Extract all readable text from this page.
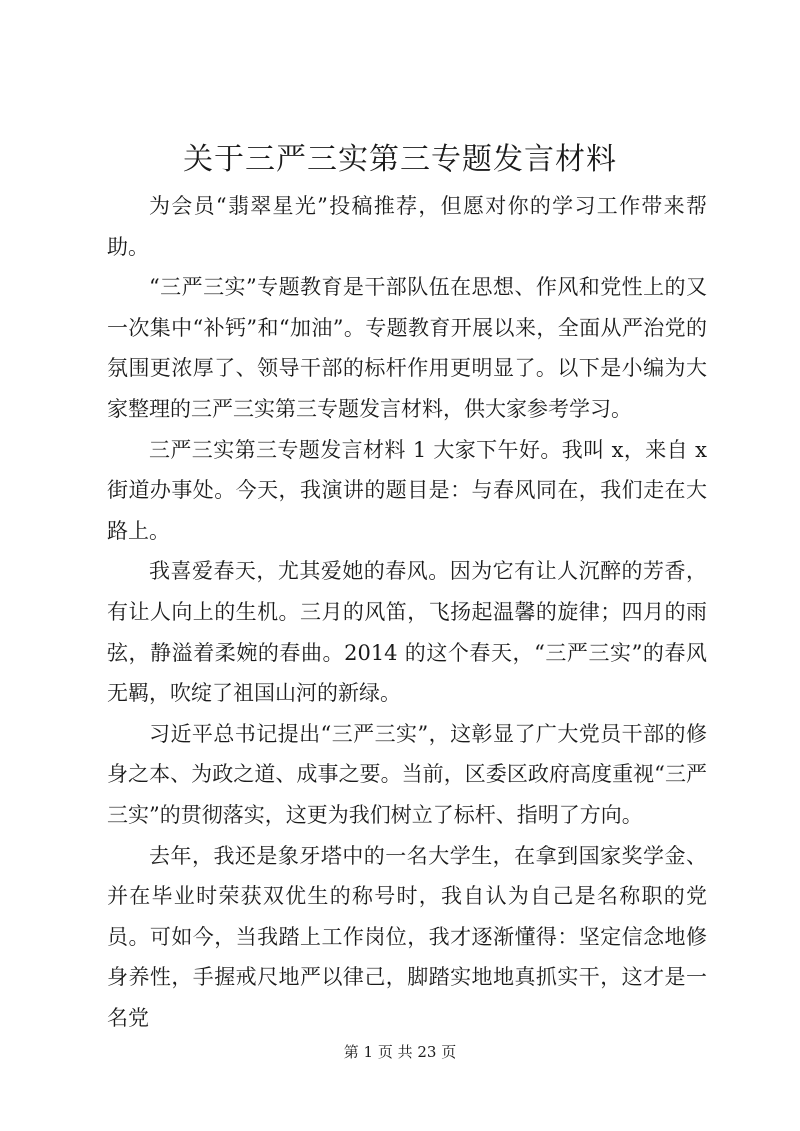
关于三严三实第三专题发言材料

为会员“翡翠星光”投稿推荐，但愿对你的学习工作带来帮助。

“三严三实”专题教育是干部队伍在思想、作风和党性上的又一次集中“补钙”和“加油”。专题教育开展以来，全面从严治党的氛围更浓厚了、领导干部的标杆作用更明显了。以下是小编为大家整理的三严三实第三专题发言材料，供大家参考学习。

三严三实第三专题发言材料 1 大家下午好。我叫 x，来自 x 街道办事处。今天，我演讲的题目是：与春风同在，我们走在大路上。

我喜爱春天，尤其爱她的春风。因为它有让人沉醉的芳香，有让人向上的生机。三月的风笛，飞扬起温馨的旋律；四月的雨弦，静溢着柔婉的春曲。2014 的这个春天，“三严三实”的春风无羁，吹绽了祖国山河的新绿。

习近平总书记提出“三严三实”，这彰显了广大党员干部的修身之本、为政之道、成事之要。当前，区委区政府高度重视“三严三实”的贯彻落实，这更为我们树立了标杆、指明了方向。

去年，我还是象牙塔中的一名大学生，在拿到国家奖学金、并在毕业时荣获双优生的称号时，我自认为自己是名称职的党员。可如今，当我踏上工作岗位，我才逐渐懂得：坚定信念地修身养性，手握戒尺地严以律己，脚踏实地地真抓实干，这才是一名党

第 1 页 共 23 页
